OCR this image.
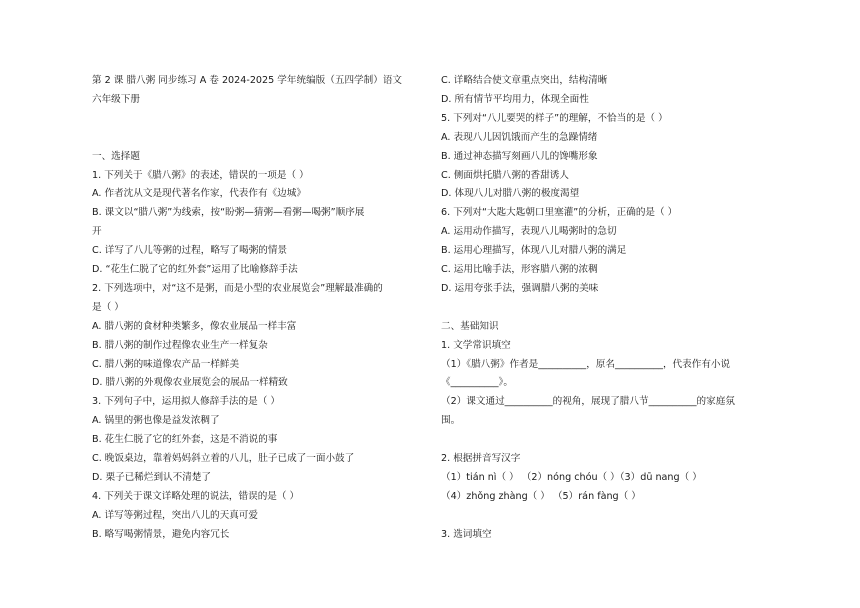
第 2 课 腊八粥 同步练习 A 卷 2024-2025 学年统编版（五四学制）语文
六年级下册
一、选择题
1. 下列关于《腊八粥》的表述，错误的一项是（ ）
A. 作者沈从文是现代著名作家，代表作有《边城》
B. 课文以“腊八粥”为线索，按“盼粥—猜粥—看粥—喝粥”顺序展
开
C. 详写了八儿等粥的过程，略写了喝粥的情景
D. “花生仁脱了它的红外套”运用了比喻修辞手法
2. 下列选项中，对“这不是粥，而是小型的农业展览会”理解最准确的
是（ ）
A. 腊八粥的食材种类繁多，像农业展品一样丰富
B. 腊八粥的制作过程像农业生产一样复杂
C. 腊八粥的味道像农产品一样鲜美
D. 腊八粥的外观像农业展览会的展品一样精致
3. 下列句子中，运用拟人修辞手法的是（ ）
A. 锅里的粥也像是益发浓稠了
B. 花生仁脱了它的红外套，这是不消说的事
C. 晚饭桌边，靠着妈妈斜立着的八儿，肚子已成了一面小鼓了
D. 栗子已稀烂到认不清楚了
4. 下列关于课文详略处理的说法，错误的是（ ）
A. 详写等粥过程，突出八儿的天真可爱
B. 略写喝粥情景，避免内容冗长
C. 详略结合使文章重点突出，结构清晰
D. 所有情节平均用力，体现全面性
5. 下列对“八儿要哭的样子”的理解，不恰当的是（ ）
A. 表现八儿因饥饿而产生的急躁情绪
B. 通过神态描写刻画八儿的馋嘴形象
C. 侧面烘托腊八粥的香甜诱人
D. 体现八儿对腊八粥的极度渴望
6. 下列对“大匙大匙朝口里塞灌”的分析，正确的是（ ）
A. 运用动作描写，表现八儿喝粥时的急切
B. 运用心理描写，体现八儿对腊八粥的满足
C. 运用比喻手法，形容腊八粥的浓稠
D. 运用夸张手法，强调腊八粥的美味
二、基础知识
1. 文学常识填空
（1）《腊八粥》作者是__________，原名__________，代表作有小说
《__________》。
（2）课文通过__________的视角，展现了腊八节__________的家庭氛
围。
2. 根据拼音写汉字
（1）tián nì（ ） （2）nóng chóu（ ）（3）dū nang（ ）
（4）zhǒng zhàng（ ） （5）rán fàng（ ）
3. 选词填空
